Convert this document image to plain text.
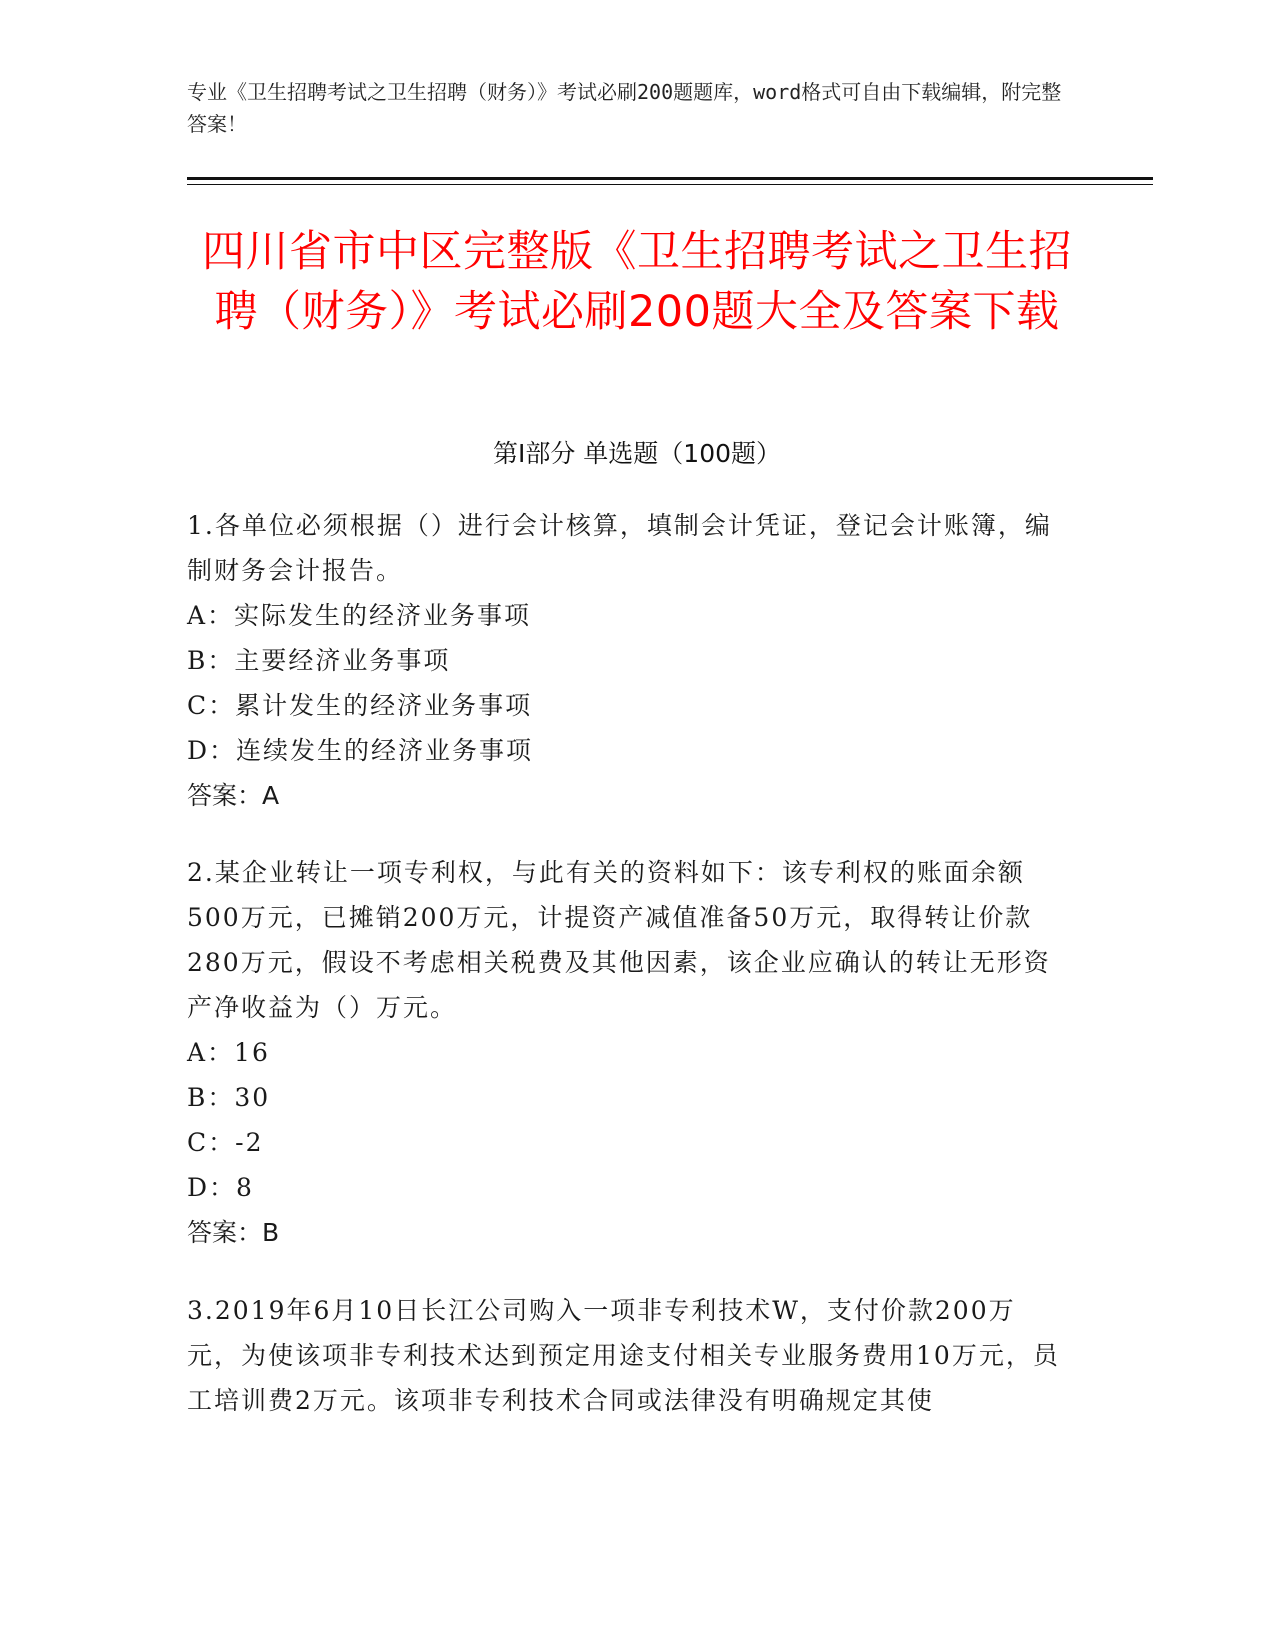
专业《卫生招聘考试之卫生招聘（财务）》考试必刷200题题库，word格式可自由下载编辑，附完整答案！
四川省市中区完整版《卫生招聘考试之卫生招聘（财务）》考试必刷200题大全及答案下载
第I部分 单选题（100题）
1.各单位必须根据（）进行会计核算，填制会计凭证，登记会计账簿，编制财务会计报告。
A：实际发生的经济业务事项
B：主要经济业务事项
C：累计发生的经济业务事项
D：连续发生的经济业务事项
答案：A
2.某企业转让一项专利权，与此有关的资料如下：该专利权的账面余额500万元，已摊销200万元，计提资产减值准备50万元，取得转让价款280万元，假设不考虑相关税费及其他因素，该企业应确认的转让无形资产净收益为（）万元。
A：16
B：30
C：-2
D：8
答案：B
3.2019年6月10日长江公司购入一项非专利技术W，支付价款200万元，为使该项非专利技术达到预定用途支付相关专业服务费用10万元，员工培训费2万元。该项非专利技术合同或法律没有明确规定其使
